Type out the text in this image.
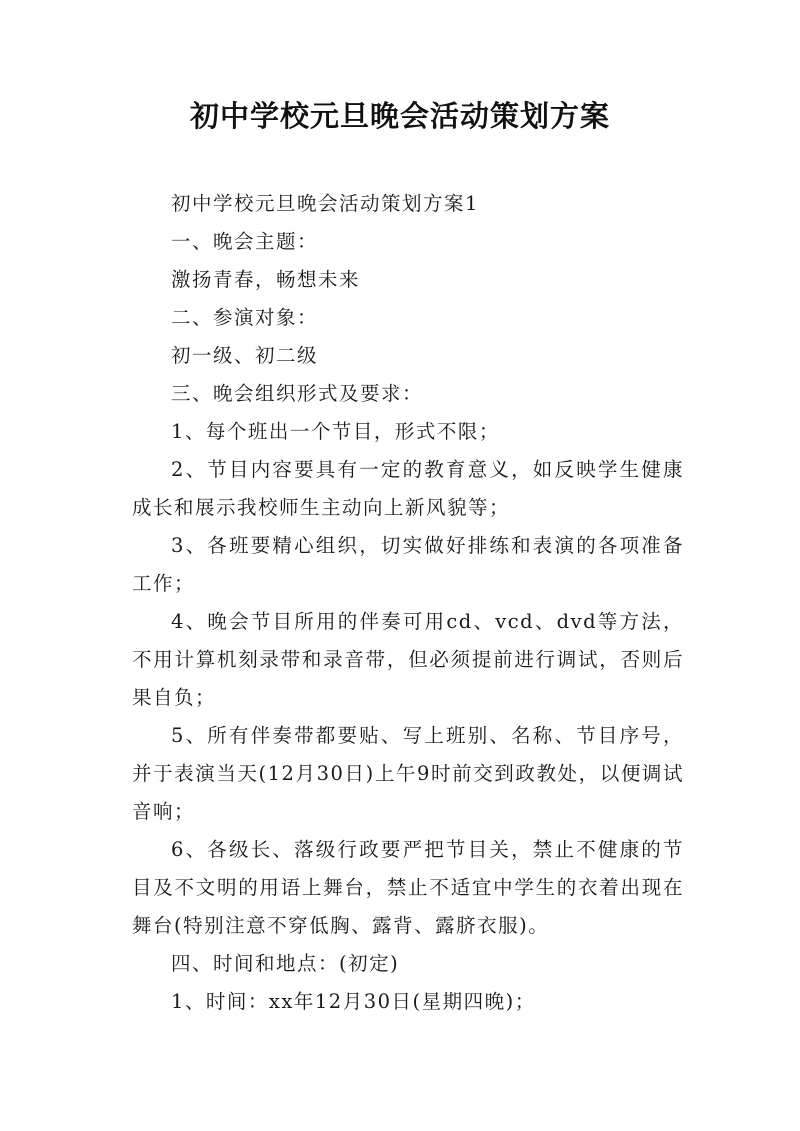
初中学校元旦晚会活动策划方案

初中学校元旦晚会活动策划方案1

一、晚会主题：

激扬青春，畅想未来

二、参演对象：

初一级、初二级

三、晚会组织形式及要求：

1、每个班出一个节目，形式不限；

2、节目内容要具有一定的教育意义，如反映学生健康成长和展示我校师生主动向上新风貌等；

3、各班要精心组织，切实做好排练和表演的各项准备工作；

4、晚会节目所用的伴奏可用cd、vcd、dvd等方法，不用计算机刻录带和录音带，但必须提前进行调试，否则后果自负；

5、所有伴奏带都要贴、写上班别、名称、节目序号，并于表演当天(12月30日)上午9时前交到政教处，以便调试音响；

6、各级长、落级行政要严把节目关，禁止不健康的节目及不文明的用语上舞台，禁止不适宜中学生的衣着出现在舞台(特别注意不穿低胸、露背、露脐衣服)。

四、时间和地点：(初定)

1、时间：xx年12月30日(星期四晚)；
